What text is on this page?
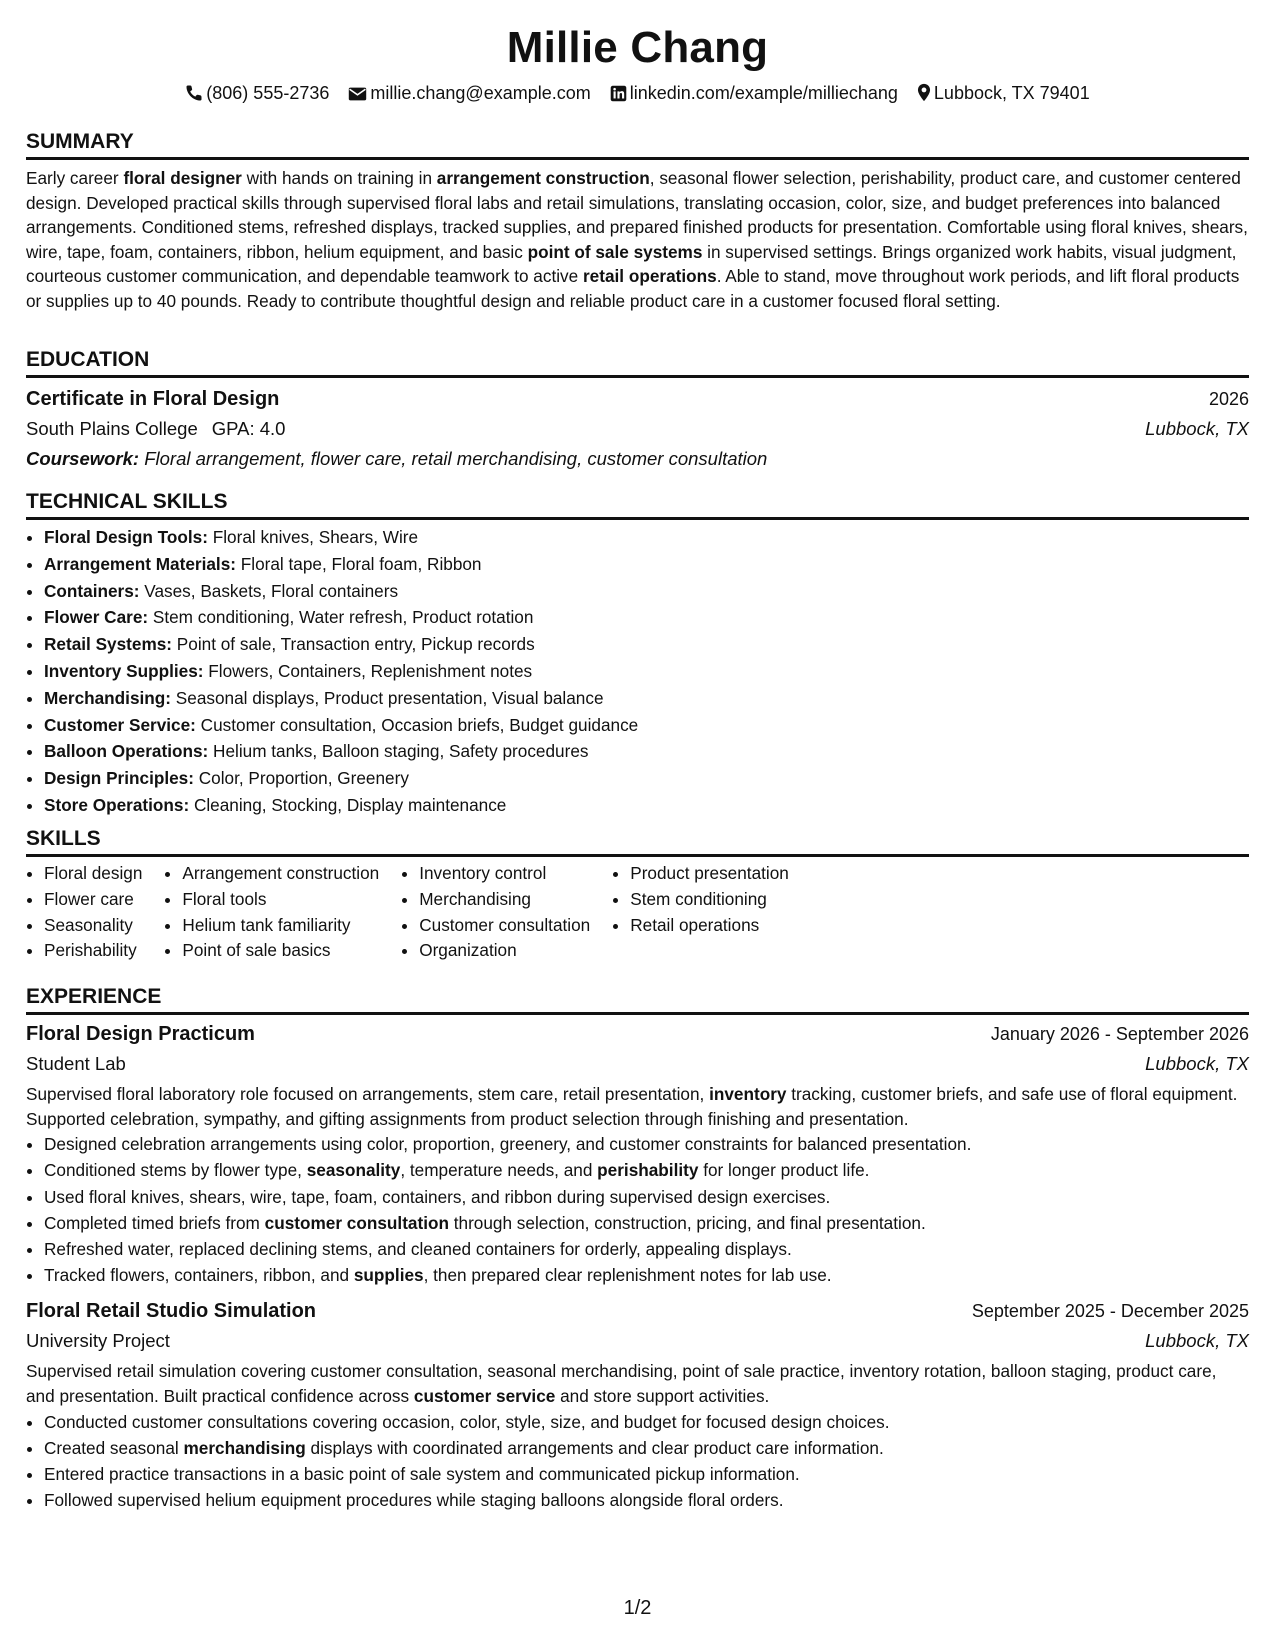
Millie Chang
(806) 555-2736 millie.chang@example.com linkedin.com/example/milliechang Lubbock, TX 79401
SUMMARY

Early career floral designer with hands on training in arrangement construction, seasonal flower selection, perishability, product care, and customer centered design. Developed practical skills through supervised floral labs and retail simulations, translating occasion, color, size, and budget preferences into balanced arrangements. Conditioned stems, refreshed displays, tracked supplies, and prepared finished products for presentation. Comfortable using floral knives, shears, wire, tape, foam, containers, ribbon, helium equipment, and basic point of sale systems in supervised settings. Brings organized work habits, visual judgment, courteous customer communication, and dependable teamwork to active retail operations. Able to stand, move throughout work periods, and lift floral products or supplies up to 40 pounds. Ready to contribute thoughtful design and reliable product care in a customer focused floral setting.

EDUCATION
Certificate in Floral Design	2026
South Plains College GPA: 4.0	Lubbock, TX
Coursework: Floral arrangement, flower care, retail merchandising, customer consultation
TECHNICAL SKILLS
• Floral Design Tools: Floral knives, Shears, Wire
• Arrangement Materials: Floral tape, Floral foam, Ribbon
• Containers: Vases, Baskets, Floral containers
• Flower Care: Stem conditioning, Water refresh, Product rotation
• Retail Systems: Point of sale, Transaction entry, Pickup records
• Inventory Supplies: Flowers, Containers, Replenishment notes
• Merchandising: Seasonal displays, Product presentation, Visual balance
• Customer Service: Customer consultation, Occasion briefs, Budget guidance
• Balloon Operations: Helium tanks, Balloon staging, Safety procedures
• Design Principles: Color, Proportion, Greenery
• Store Operations: Cleaning, Stocking, Display maintenance
SKILLS
• Floral design
• Flower care
• Seasonality
• Perishability
• Arrangement construction
• Floral tools
• Helium tank familiarity
• Point of sale basics
• Inventory control
• Merchandising
• Customer consultation
• Organization
• Product presentation
• Stem conditioning
• Retail operations
EXPERIENCE
Floral Design Practicum	January 2026 - September 2026
Student Lab	Lubbock, TX

Supervised floral laboratory role focused on arrangements, stem care, retail presentation, inventory tracking, customer briefs, and safe use of floral equipment. Supported celebration, sympathy, and gifting assignments from product selection through finishing and presentation.

• Designed celebration arrangements using color, proportion, greenery, and customer constraints for balanced presentation.
• Conditioned stems by flower type, seasonality, temperature needs, and perishability for longer product life.
• Used floral knives, shears, wire, tape, foam, containers, and ribbon during supervised design exercises.
• Completed timed briefs from customer consultation through selection, construction, pricing, and final presentation.
• Refreshed water, replaced declining stems, and cleaned containers for orderly, appealing displays.
• Tracked flowers, containers, ribbon, and supplies, then prepared clear replenishment notes for lab use.
Floral Retail Studio Simulation	September 2025 - December 2025
University Project	Lubbock, TX

Supervised retail simulation covering customer consultation, seasonal merchandising, point of sale practice, inventory rotation, balloon staging, product care, and presentation. Built practical confidence across customer service and store support activities.

• Conducted customer consultations covering occasion, color, style, size, and budget for focused design choices.
• Created seasonal merchandising displays with coordinated arrangements and clear product care information.
• Entered practice transactions in a basic point of sale system and communicated pickup information.
• Followed supervised helium equipment procedures while staging balloons alongside floral orders.
1/2
